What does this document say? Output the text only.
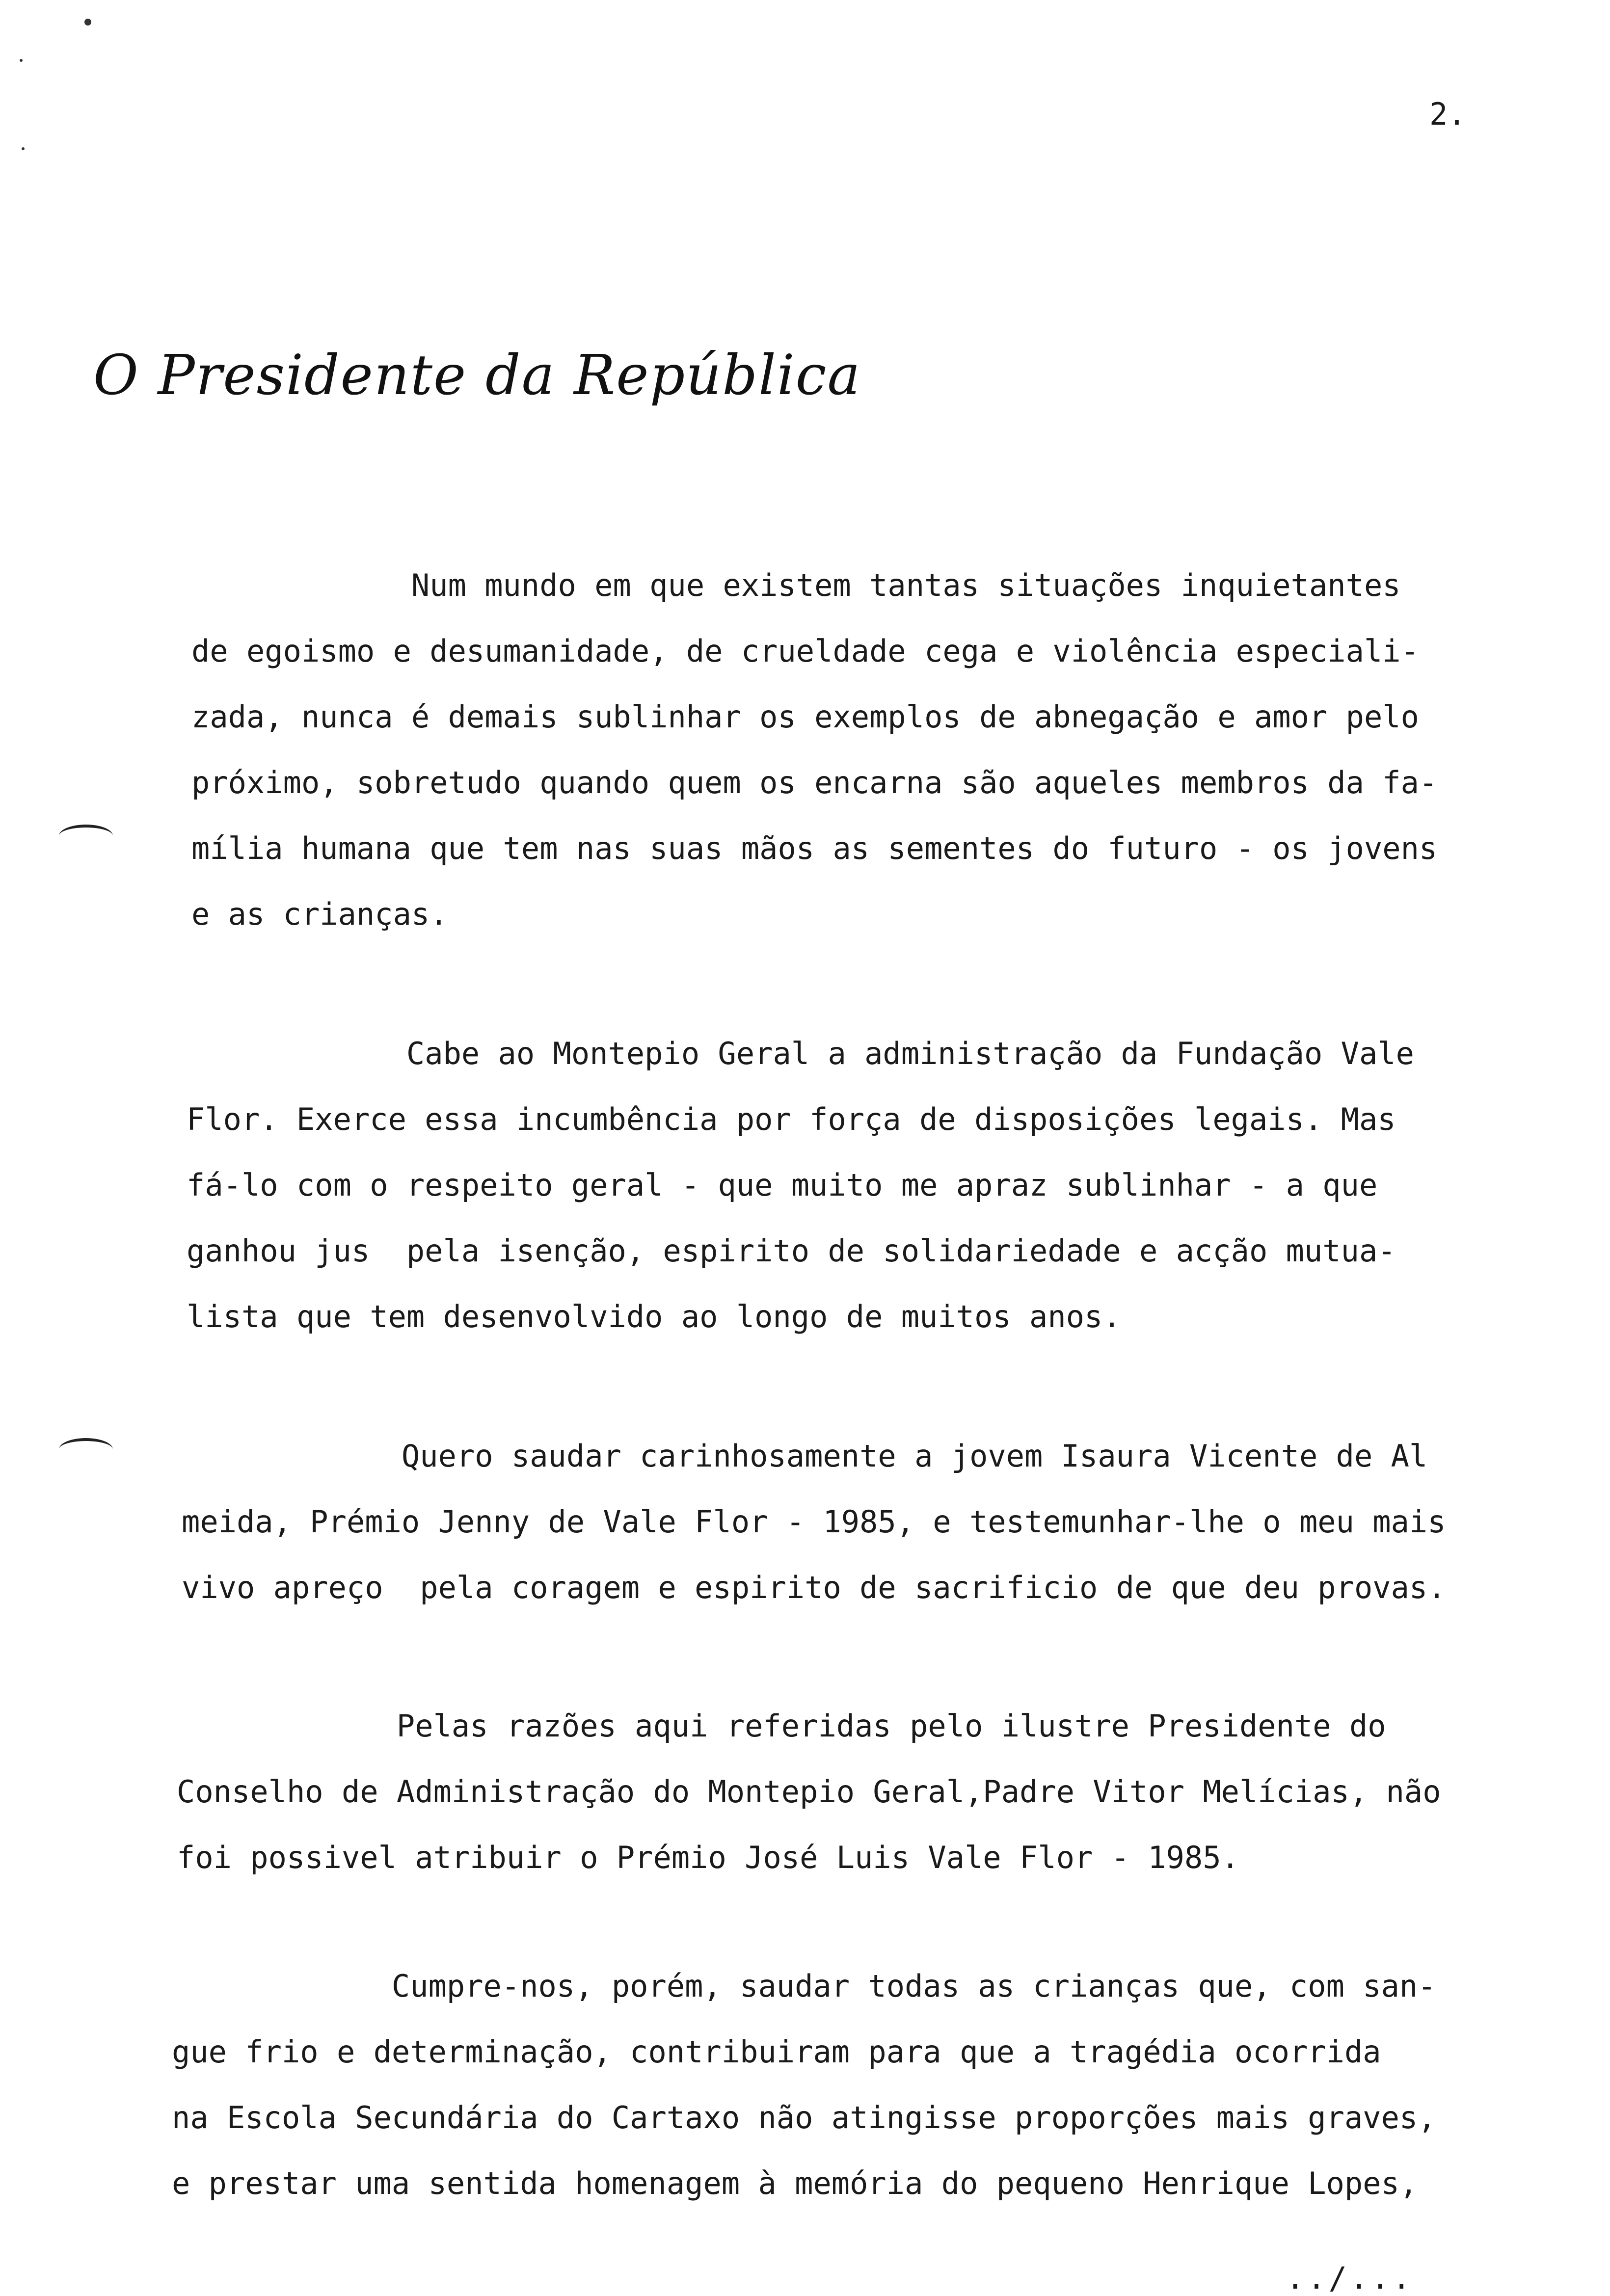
2.
O Presidente da República
Num mundo em que existem tantas situações inquietantes
de egoismo e desumanidade, de crueldade cega e violência especiali-
zada, nunca é demais sublinhar os exemplos de abnegação e amor pelo
próximo, sobretudo quando quem os encarna são aqueles membros da fa-
mília humana que tem nas suas mãos as sementes do futuro - os jovens
e as crianças.
Cabe ao Montepio Geral a administração da Fundação Vale
Flor. Exerce essa incumbência por força de disposições legais. Mas
fá-lo com o respeito geral - que muito me apraz sublinhar - a que
ganhou jus  pela isenção, espirito de solidariedade e acção mutua-
lista que tem desenvolvido ao longo de muitos anos.
Quero saudar carinhosamente a jovem Isaura Vicente de Al
meida, Prémio Jenny de Vale Flor - 1985, e testemunhar-lhe o meu mais
vivo apreço  pela coragem e espirito de sacrificio de que deu provas.
Pelas razões aqui referidas pelo ilustre Presidente do
Conselho de Administração do Montepio Geral,Padre Vitor Melícias, não
foi possivel atribuir o Prémio José Luis Vale Flor - 1985.
Cumpre-nos, porém, saudar todas as crianças que, com san-
gue frio e determinação, contribuiram para que a tragédia ocorrida
na Escola Secundária do Cartaxo não atingisse proporções mais graves,
e prestar uma sentida homenagem à memória do pequeno Henrique Lopes,
../...
